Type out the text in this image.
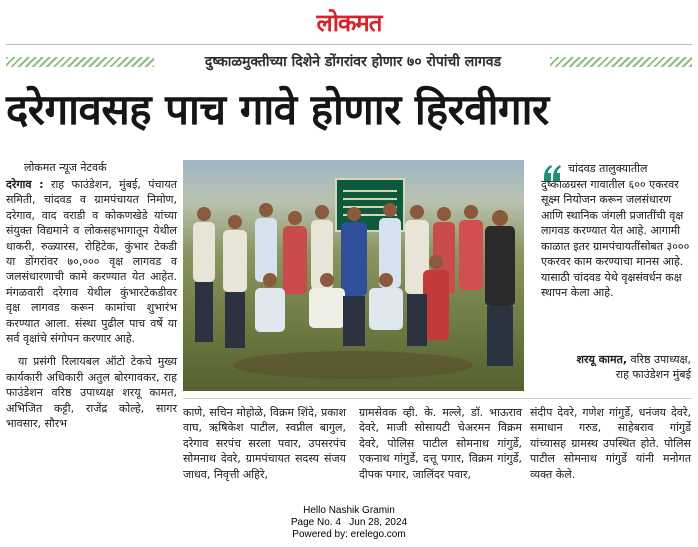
लोकमत
दुष्काळमुक्तीच्या दिशेने डोंगरांवर होणार ७० रोपांची लागवड
दरेगावसह पाच गावे होणार हिरवीगार
लोकमत न्यूज नेटवर्क

दरेगाव : राह फाउंडेशन, मुंबई, पंचायत समिती, चांदवड व ग्रामपंचायत निमोण, दरेगाव, वाद वराडी व कोकणखेडे यांच्या संयुक्त विद्यमाने व लोकसहभागातून येथील धाकरी, रुळ्यारस, रोहिटेक, कुंभार टेकडी या डोंगरांवर ७०,००० वृक्ष लागवड व जलसंधारणाची कामे करण्यात येत आहेत. मंगळवारी दरेगाव येथील कुंभारटेकडीवर वृक्ष लागवड करून कामांचा शुभारंभ करण्यात आला. संस्था पुढील पाच वर्षे या सर्व वृक्षांचे संगोपन करणार आहे.

या प्रसंगी रिलायबल ऑटो टेकचे मुख्य कार्यकारी अधिकारी अतुल बोरगावकर, राह फाउंडेशन वरिष्ठ उपाध्यक्ष शरयू कामत, अभिजित कट्टी, राजेंद्र कोल्हे, सागर भावसार, सौरभ

चांदवड तालुक्यातील दुष्काळग्रस्त गावातील ६०० एकरवर सूक्ष्म नियोजन करून जलसंधारण आणि स्थानिक जंगली प्रजातींची वृक्ष लागवड करण्यात येत आहे. आगामी काळात इतर ग्रामपंचायतींसोबत ३००० एकरवर काम करण्याचा मानस आहे. यासाठी चांदवड येथे वृक्षसंवर्धन कक्ष स्थापन केला आहे.

शरयू कामत, वरिष्ठ उपाध्यक्ष,
राह फाउंडेशन मुंबई
काणे, सचिन मोहोळे, विक्रम शिंदे, प्रकाश वाघ, ऋषिकेश पाटील, स्वप्नील बागुल, दरेगाव सरपंच सरला पवार, उपसरपंच सोमनाथ देवरे, ग्रामपंचायत सदस्य संजय जाधव, निवृत्ती अहिरे,
ग्रामसेवक व्ही. के. मल्ले, डॉ. भाऊराव देवरे, माजी सोसायटी चेअरमन विक्रम देवरे, पोलिस पाटील सोमनाथ गांगुर्डे, एकनाथ गांगुर्डे, दत्तू पगार, विक्रम गांगुर्डे, दीपक पगार, जालिंदर पवार,
संदीप देवरे, गणेश गांगुर्डे, धनंजय देवरे, समाधान गरुड, साहेबराव गांगुर्डे यांच्यासह ग्रामस्थ उपस्थित होते. पोलिस पाटील सोमनाथ गांगुर्डे यांनी मनोगत व्यक्त केले.
Hello Nashik Gramin
Page No. 4 Jun 28, 2024
Powered by: erelego.com
